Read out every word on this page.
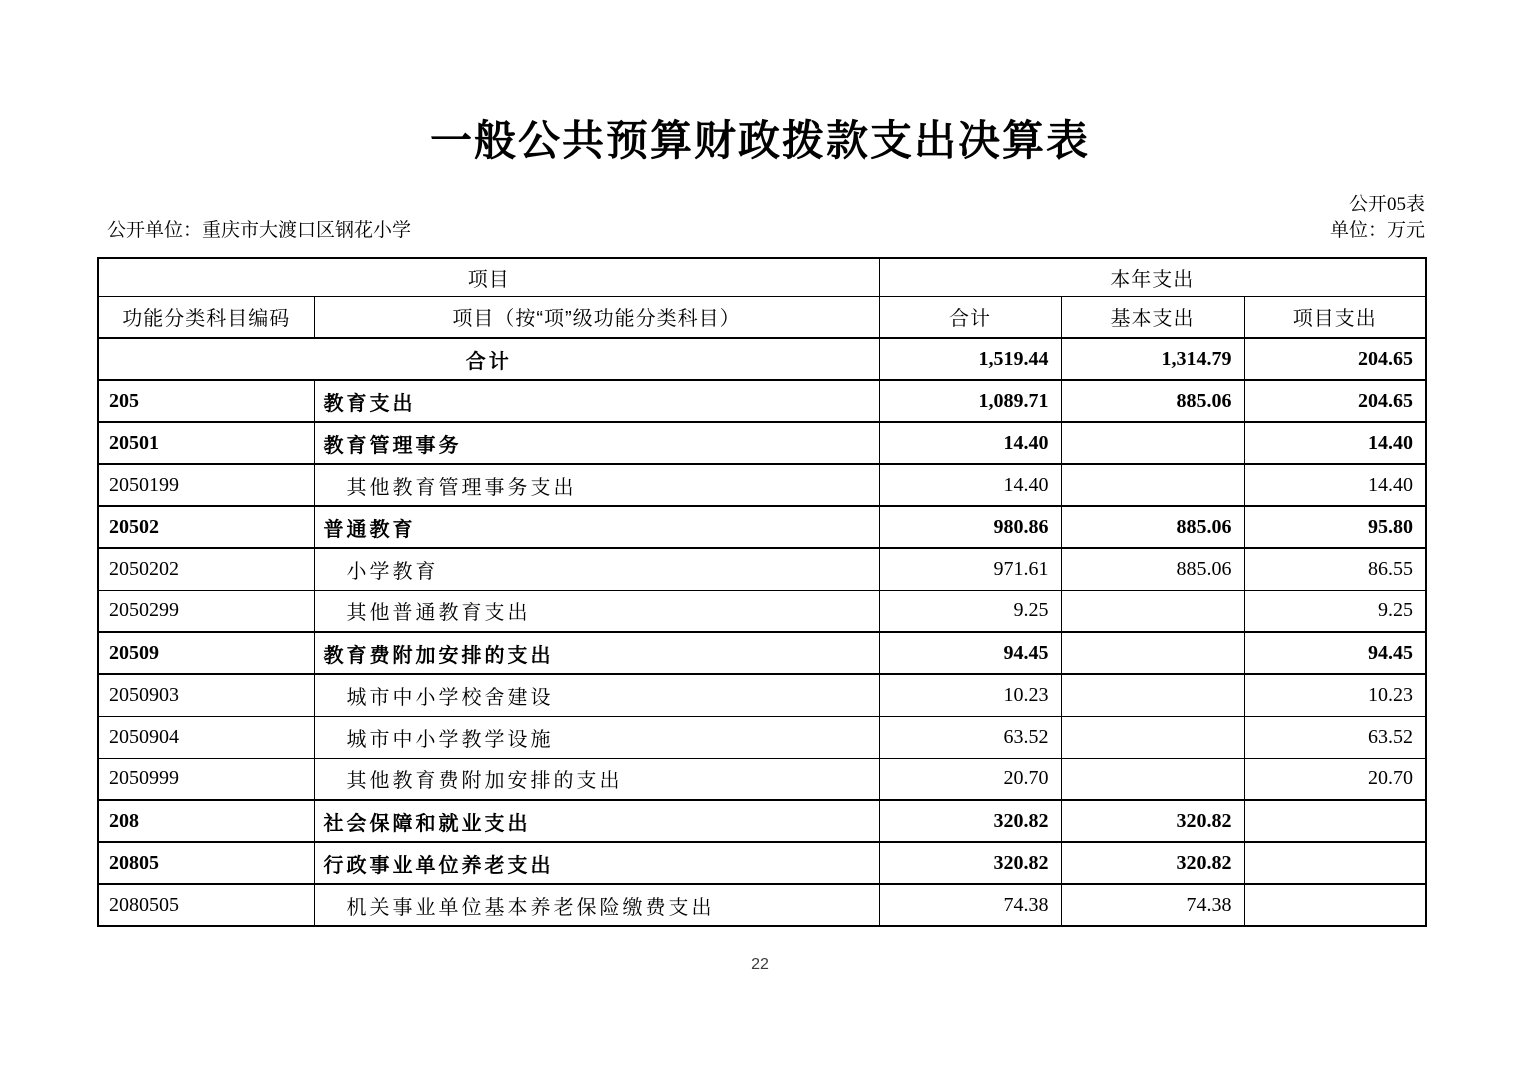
一般公共预算财政拨款支出决算表
公开05表
公开单位：重庆市大渡口区钢花小学	单位：万元
项目		本年支出		
功能分类科目编码	项目（按“项”级功能分类科目）	合计	基本支出	项目支出
合计		1,519.44	1,314.79	204.65
205	教育支出	1,089.71	885.06	204.65
20501	教育管理事务	14.40		14.40
2050199	其他教育管理事务支出	14.40		14.40
20502	普通教育	980.86	885.06	95.80
2050202	小学教育	971.61	885.06	86.55
2050299	其他普通教育支出	9.25		9.25
20509	教育费附加安排的支出	94.45		94.45
2050903	城市中小学校舍建设	10.23		10.23
2050904	城市中小学教学设施	63.52		63.52
2050999	其他教育费附加安排的支出	20.70		20.70
208	社会保障和就业支出	320.82	320.82	
20805	行政事业单位养老支出	320.82	320.82	
2080505	机关事业单位基本养老保险缴费支出	74.38	74.38	
22
